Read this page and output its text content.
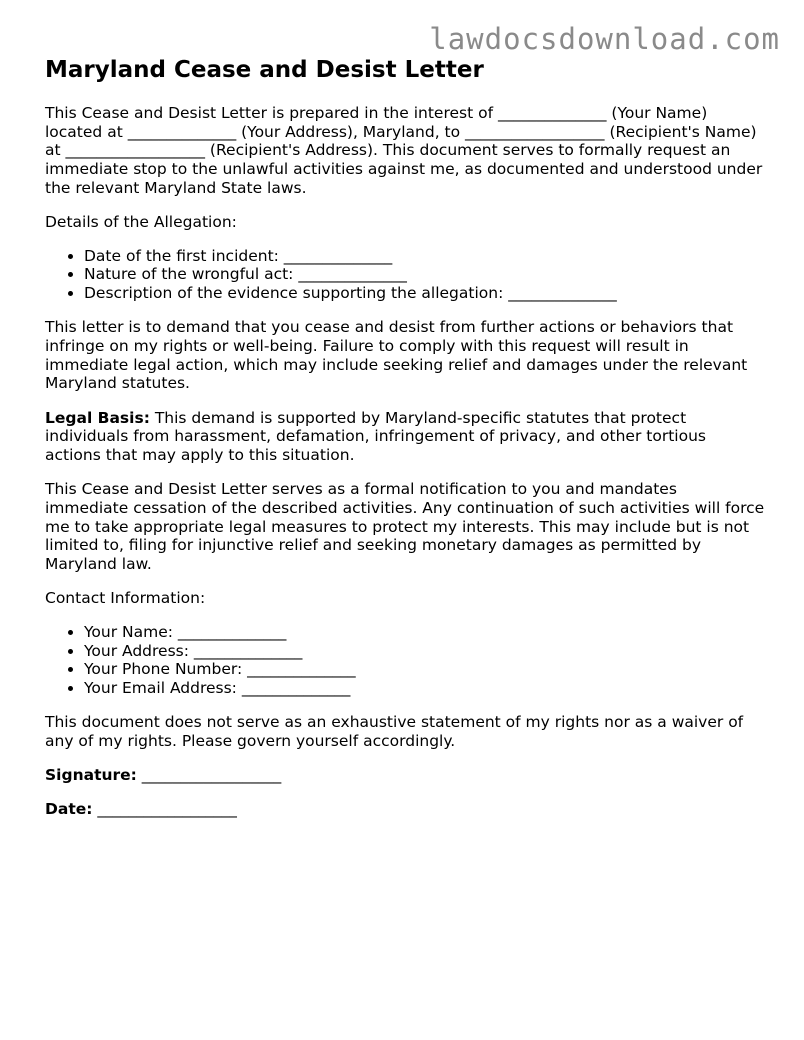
lawdocsdownload.com
Maryland Cease and Desist Letter

This Cease and Desist Letter is prepared in the interest of ______________ (Your Name) located at ______________ (Your Address), Maryland, to __________________ (Recipient's Name) at __________________ (Recipient's Address). This document serves to formally request an immediate stop to the unlawful activities against me, as documented and understood under the relevant Maryland State laws.

Details of the Allegation:

• Date of the first incident: ______________
• Nature of the wrongful act: ______________
• Description of the evidence supporting the allegation: ______________

This letter is to demand that you cease and desist from further actions or behaviors that infringe on my rights or well-being. Failure to comply with this request will result in immediate legal action, which may include seeking relief and damages under the relevant Maryland statutes.

Legal Basis: This demand is supported by Maryland-specific statutes that protect individuals from harassment, defamation, infringement of privacy, and other tortious actions that may apply to this situation.

This Cease and Desist Letter serves as a formal notification to you and mandates immediate cessation of the described activities. Any continuation of such activities will force me to take appropriate legal measures to protect my interests. This may include but is not limited to, filing for injunctive relief and seeking monetary damages as permitted by Maryland law.

Contact Information:

• Your Name: ______________
• Your Address: ______________
• Your Phone Number: ______________
• Your Email Address: ______________

This document does not serve as an exhaustive statement of my rights nor as a waiver of any of my rights. Please govern yourself accordingly.

Signature: __________________
Date: __________________
